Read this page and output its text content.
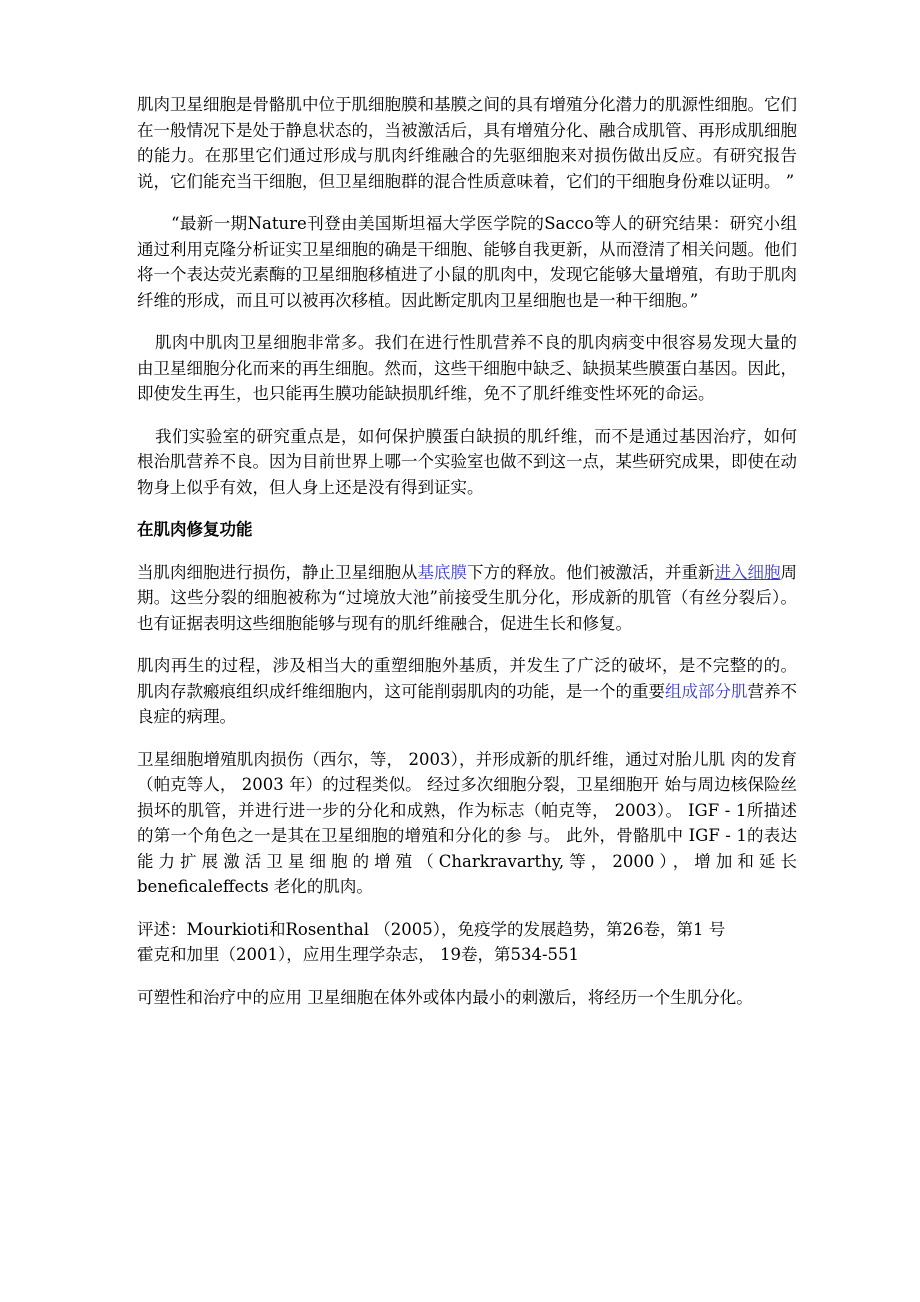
肌肉卫星细胞是骨骼肌中位于肌细胞膜和基膜之间的具有增殖分化潜力的肌源性细胞。它们在一般情况下是处于静息状态的，当被激活后，具有增殖分化、融合成肌管、再形成肌细胞的能力。在那里它们通过形成与肌肉纤维融合的先驱细胞来对损伤做出反应。有研究报告说，它们能充当干细胞，但卫星细胞群的混合性质意味着，它们的干细胞身份难以证明。 ”

“最新一期Nature刊登由美国斯坦福大学医学院的Sacco等人的研究结果：研究小组通过利用克隆分析证实卫星细胞的确是干细胞、能够自我更新，从而澄清了相关问题。他们将一个表达荧光素酶的卫星细胞移植进了小鼠的肌肉中，发现它能够大量增殖，有助于肌肉纤维的形成，而且可以被再次移植。因此断定肌肉卫星细胞也是一种干细胞。”

肌肉中肌肉卫星细胞非常多。我们在进行性肌营养不良的肌肉病变中很容易发现大量的由卫星细胞分化而来的再生细胞。然而，这些干细胞中缺乏、缺损某些膜蛋白基因。因此，即使发生再生，也只能再生膜功能缺损肌纤维，免不了肌纤维变性坏死的命运。

我们实验室的研究重点是，如何保护膜蛋白缺损的肌纤维，而不是通过基因治疗，如何根治肌营养不良。因为目前世界上哪一个实验室也做不到这一点，某些研究成果，即使在动物身上似乎有效，但人身上还是没有得到证实。

在肌肉修复功能

当肌肉细胞进行损伤，静止卫星细胞从基底膜下方的释放。他们被激活，并重新进入细胞周期。这些分裂的细胞被称为“过境放大池”前接受生肌分化，形成新的肌管（有丝分裂后）。也有证据表明这些细胞能够与现有的肌纤维融合，促进生长和修复。

肌肉再生的过程，涉及相当大的重塑细胞外基质，并发生了广泛的破坏，是不完整的的。 肌肉存款瘢痕组织成纤维细胞内，这可能削弱肌肉的功能，是一个的重要组成部分肌营养不良症的病理。

卫星细胞增殖肌肉损伤（西尔，等， 2003），并形成新的肌纤维，通过对胎儿肌 肉的发育（帕克等人， 2003 年）的过程类似。 经过多次细胞分裂，卫星细胞开 始与周边核保险丝损坏的肌管，并进行进一步的分化和成熟，作为标志（帕克等， 2003）。 IGF - 1所描述的第一个角色之一是其在卫星细胞的增殖和分化的参 与。 此外，骨骼肌中 IGF - 1的表达能力扩展激活卫星细胞的增殖（Charkravarthy,等，2000），增加和延长 beneficaleffects 老化的肌肉。

评述：Mourkioti和Rosenthal （2005），免疫学的发展趋势，第26卷，第1 号
霍克和加里（2001），应用生理学杂志， 19卷，第534-551

可塑性和治疗中的应用 卫星细胞在体外或体内最小的刺激后，将经历一个生肌分化。
